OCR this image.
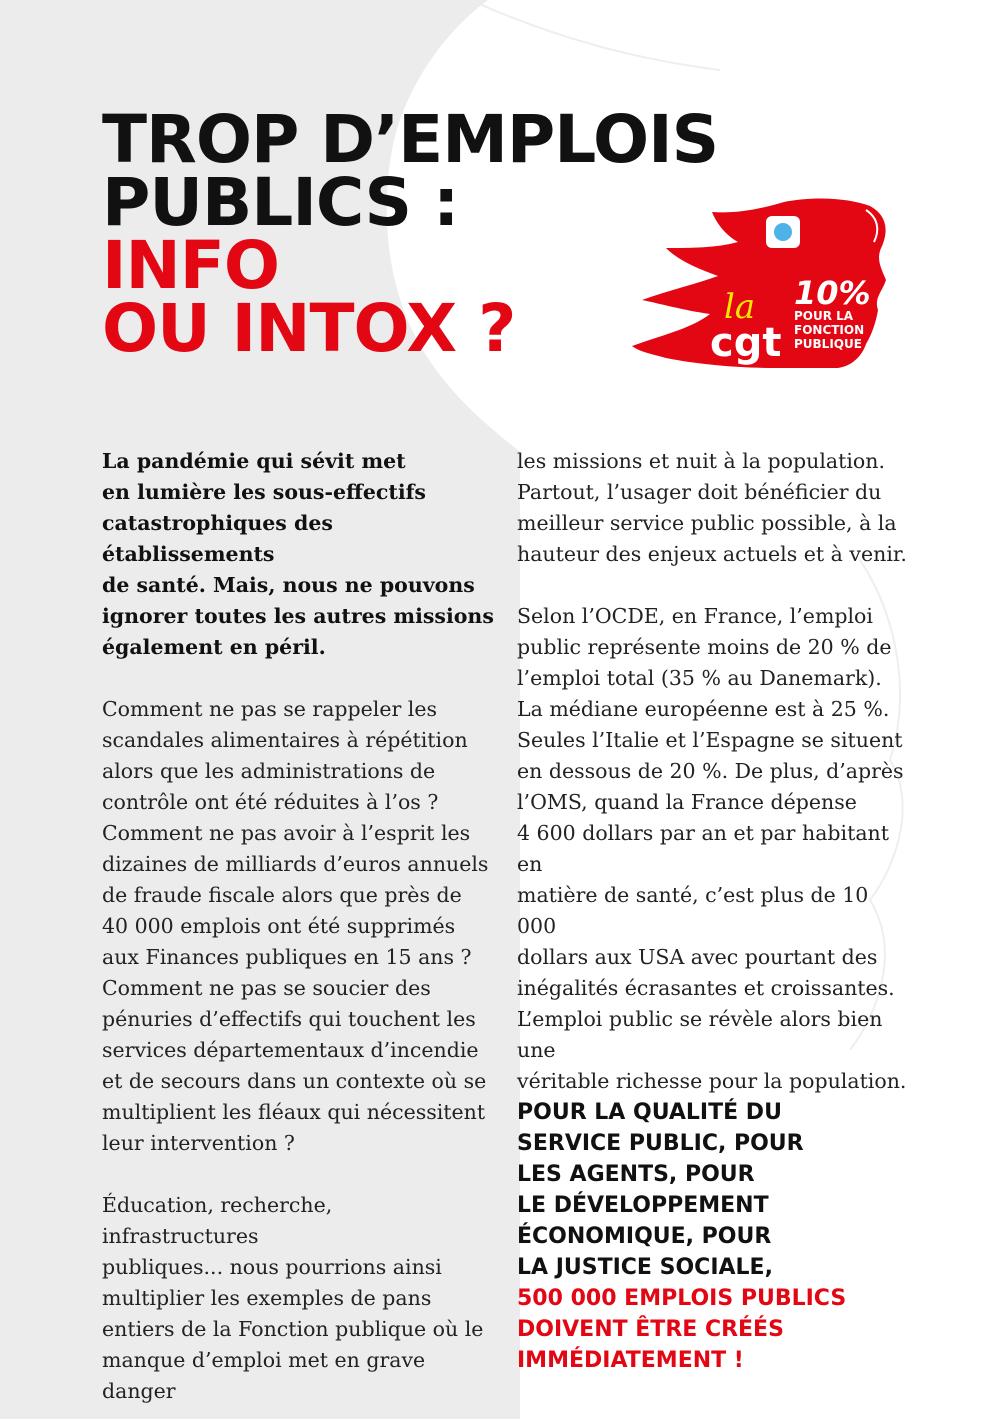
TROP D’EMPLOIS
PUBLICS :
INFO
OU INTOX ?	la 10%
cgt
POUR LA
FONCTION
PUBLIQUE

La pandémie qui sévit met
en lumière les sous-effectifs
catastrophiques des établissements
de santé. Mais, nous ne pouvons
ignorer toutes les autres missions
également en péril.

Comment ne pas se rappeler les
scandales alimentaires à répétition
alors que les administrations de
contrôle ont été réduites à l’os ?
Comment ne pas avoir à l’esprit les
dizaines de milliards d’euros annuels
de fraude fiscale alors que près de
40 000 emplois ont été supprimés
aux Finances publiques en 15 ans ?
Comment ne pas se soucier des
pénuries d’effectifs qui touchent les
services départementaux d’incendie
et de secours dans un contexte où se
multiplient les fléaux qui nécessitent
leur intervention ?

Éducation, recherche, infrastructures
publiques... nous pourrions ainsi
multiplier les exemples de pans
entiers de la Fonction publique où le
manque d’emploi met en grave danger

les missions et nuit à la population.
Partout, l’usager doit bénéficier du
meilleur service public possible, à la
hauteur des enjeux actuels et à venir.

Selon l’OCDE, en France, l’emploi
public représente moins de 20 % de
l’emploi total (35 % au Danemark).
La médiane européenne est à 25 %.
Seules l’Italie et l’Espagne se situent
en dessous de 20 %. De plus, d’après
l’OMS, quand la France dépense
4 600 dollars par an et par habitant en
matière de santé, c’est plus de 10 000
dollars aux USA avec pourtant des
inégalités écrasantes et croissantes.
L’emploi public se révèle alors bien une
véritable richesse pour la population.

POUR LA QUALITÉ DU
SERVICE PUBLIC, POUR
LES AGENTS, POUR
LE DÉVELOPPEMENT
ÉCONOMIQUE, POUR
LA JUSTICE SOCIALE,
500 000 EMPLOIS PUBLICS
DOIVENT ÊTRE CRÉÉS
IMMÉDIATEMENT !
